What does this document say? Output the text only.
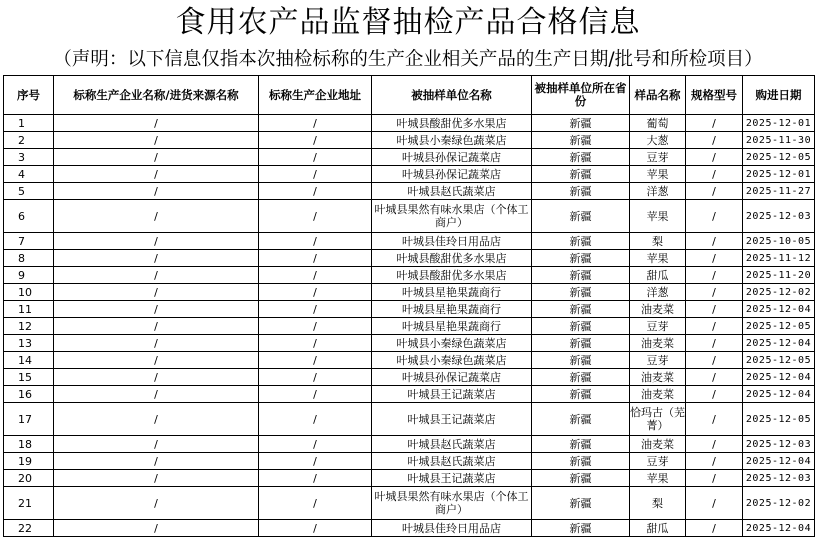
食用农产品监督抽检产品合格信息
（声明：以下信息仅指本次抽检标称的生产企业相关产品的生产日期/批号和所检项目）
序号	标称生产企业名称/进货来源名称	标称生产企业地址	被抽样单位名称	被抽样单位所在省份	样品名称	规格型号	购进日期
1	/	/	叶城县酸甜优多水果店	新疆	葡萄	/	2025-12-01
2	/	/	叶城县小秦绿色蔬菜店	新疆	大葱	/	2025-11-30
3	/	/	叶城县孙保记蔬菜店	新疆	豆芽	/	2025-12-05
4	/	/	叶城县孙保记蔬菜店	新疆	苹果	/	2025-12-01
5	/	/	叶城县赵氏蔬菜店	新疆	洋葱	/	2025-11-27
6	/	/	叶城县果然有味水果店（个体工商户）	新疆	苹果	/	2025-12-03
7	/	/	叶城县佳玲日用品店	新疆	梨	/	2025-10-05
8	/	/	叶城县酸甜优多水果店	新疆	苹果	/	2025-11-12
9	/	/	叶城县酸甜优多水果店	新疆	甜瓜	/	2025-11-20
10	/	/	叶城县星艳果蔬商行	新疆	洋葱	/	2025-12-02
11	/	/	叶城县星艳果蔬商行	新疆	油麦菜	/	2025-12-04
12	/	/	叶城县星艳果蔬商行	新疆	豆芽	/	2025-12-05
13	/	/	叶城县小秦绿色蔬菜店	新疆	油麦菜	/	2025-12-04
14	/	/	叶城县小秦绿色蔬菜店	新疆	豆芽	/	2025-12-05
15	/	/	叶城县孙保记蔬菜店	新疆	油麦菜	/	2025-12-04
16	/	/	叶城县王记蔬菜店	新疆	油麦菜	/	2025-12-04
17	/	/	叶城县王记蔬菜店	新疆	恰玛古（芜菁）	/	2025-12-05
18	/	/	叶城县赵氏蔬菜店	新疆	油麦菜	/	2025-12-03
19	/	/	叶城县赵氏蔬菜店	新疆	豆芽	/	2025-12-04
20	/	/	叶城县王记蔬菜店	新疆	苹果	/	2025-12-03
21	/	/	叶城县果然有味水果店（个体工商户）	新疆	梨	/	2025-12-02
22	/	/	叶城县佳玲日用品店	新疆	甜瓜	/	2025-12-04
